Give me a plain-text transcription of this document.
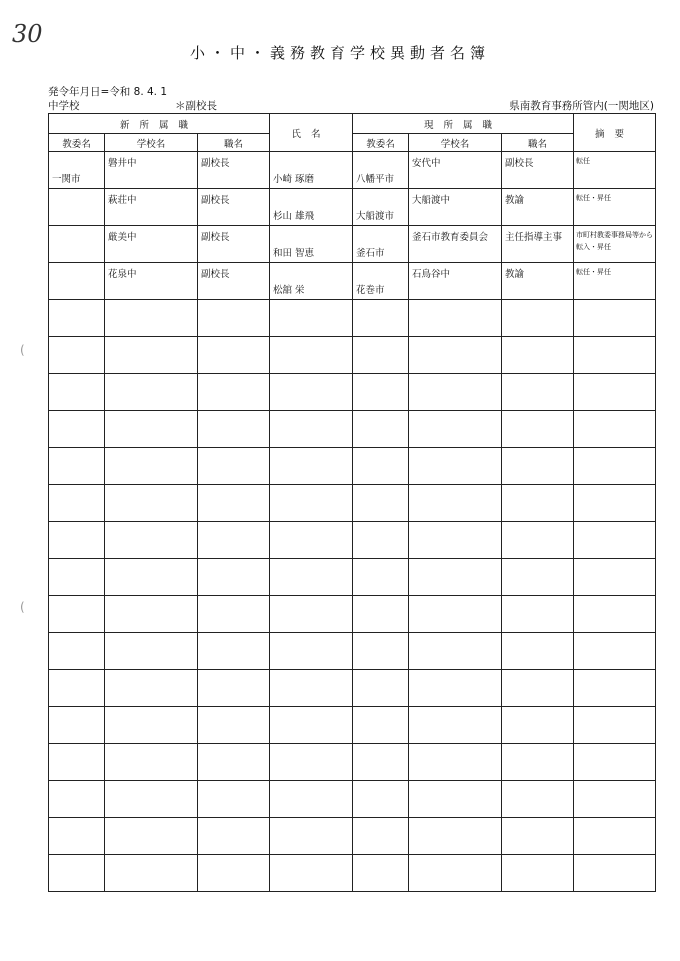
30
小・中・義務教育学校異動者名簿
発令年月日=令和 8. 4. 1
中学校	＊副校長	県南教育事務所管内(一関地区)
(
(
新所属職			氏名	現所属職			摘要
教委名	学校名	職名		教委名	学校名	職名	

一関市	磐井中	副校長	小崎 琢磨	八幡平市	安代中	副校長	転任

	萩荘中	副校長	杉山 雄飛	大船渡市	大船渡中	教諭	転任・昇任

	厳美中	副校長	和田 智恵	釜石市	釜石市教育委員会	主任指導主事	市町村教委事務局等から転入・昇任

	花泉中	副校長	松舘 栄	花巻市	石鳥谷中	教諭	転任・昇任
